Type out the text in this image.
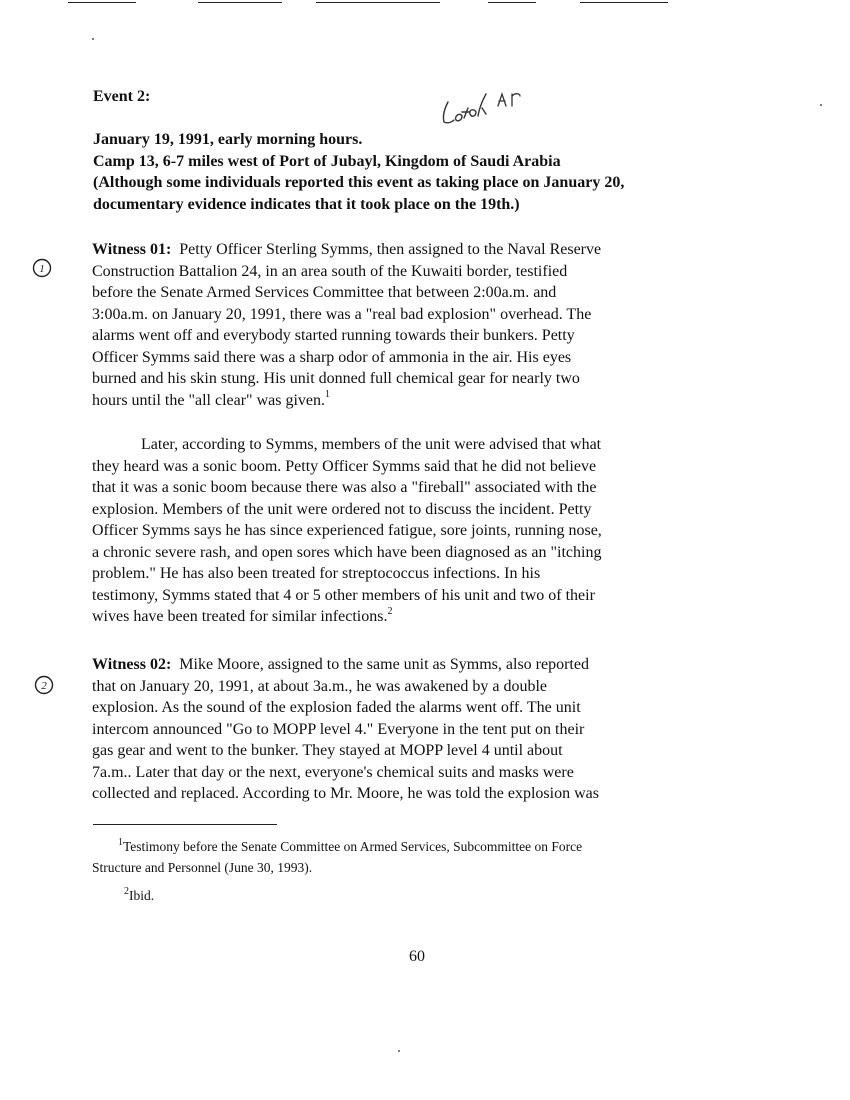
Event 2:
Lated AF
January 19, 1991, early morning hours.
Camp 13, 6-7 miles west of Port of Jubayl, Kingdom of Saudi Arabia
(Although some individuals reported this event as taking place on January 20,
documentary evidence indicates that it took place on the 19th.)
1
Witness 01: Petty Officer Sterling Symms, then assigned to the Naval Reserve
Construction Battalion 24, in an area south of the Kuwaiti border, testified
before the Senate Armed Services Committee that between 2:00a.m. and
3:00a.m. on January 20, 1991, there was a "real bad explosion" overhead. The
alarms went off and everybody started running towards their bunkers. Petty
Officer Symms said there was a sharp odor of ammonia in the air. His eyes
burned and his skin stung. His unit donned full chemical gear for nearly two
hours until the "all clear" was given.$^1$
Later, according to Symms, members of the unit were advised that what
they heard was a sonic boom. Petty Officer Symms said that he did not believe
that it was a sonic boom because there was also a "fireball" associated with the
explosion. Members of the unit were ordered not to discuss the incident. Petty
Officer Symms says he has since experienced fatigue, sore joints, running nose,
a chronic severe rash, and open sores which have been diagnosed as an "itching
problem." He has also been treated for streptococcus infections. In his
testimony, Symms stated that 4 or 5 other members of his unit and two of their
wives have been treated for similar infections.$^2$
2
Witness 02: Mike Moore, assigned to the same unit as Symms, also reported
that on January 20, 1991, at about 3a.m., he was awakened by a double
explosion. As the sound of the explosion faded the alarms went off. The unit
intercom announced "Go to MOPP level 4." Everyone in the tent put on their
gas gear and went to the bunker. They stayed at MOPP level 4 until about
7a.m.. Later that day or the next, everyone's chemical suits and masks were
collected and replaced. According to Mr. Moore, he was told the explosion was
$^1$Testimony before the Senate Committee on Armed Services, Subcommittee on Force
Structure and Personnel (June 30, 1993).
$^2$Ibid.
60
